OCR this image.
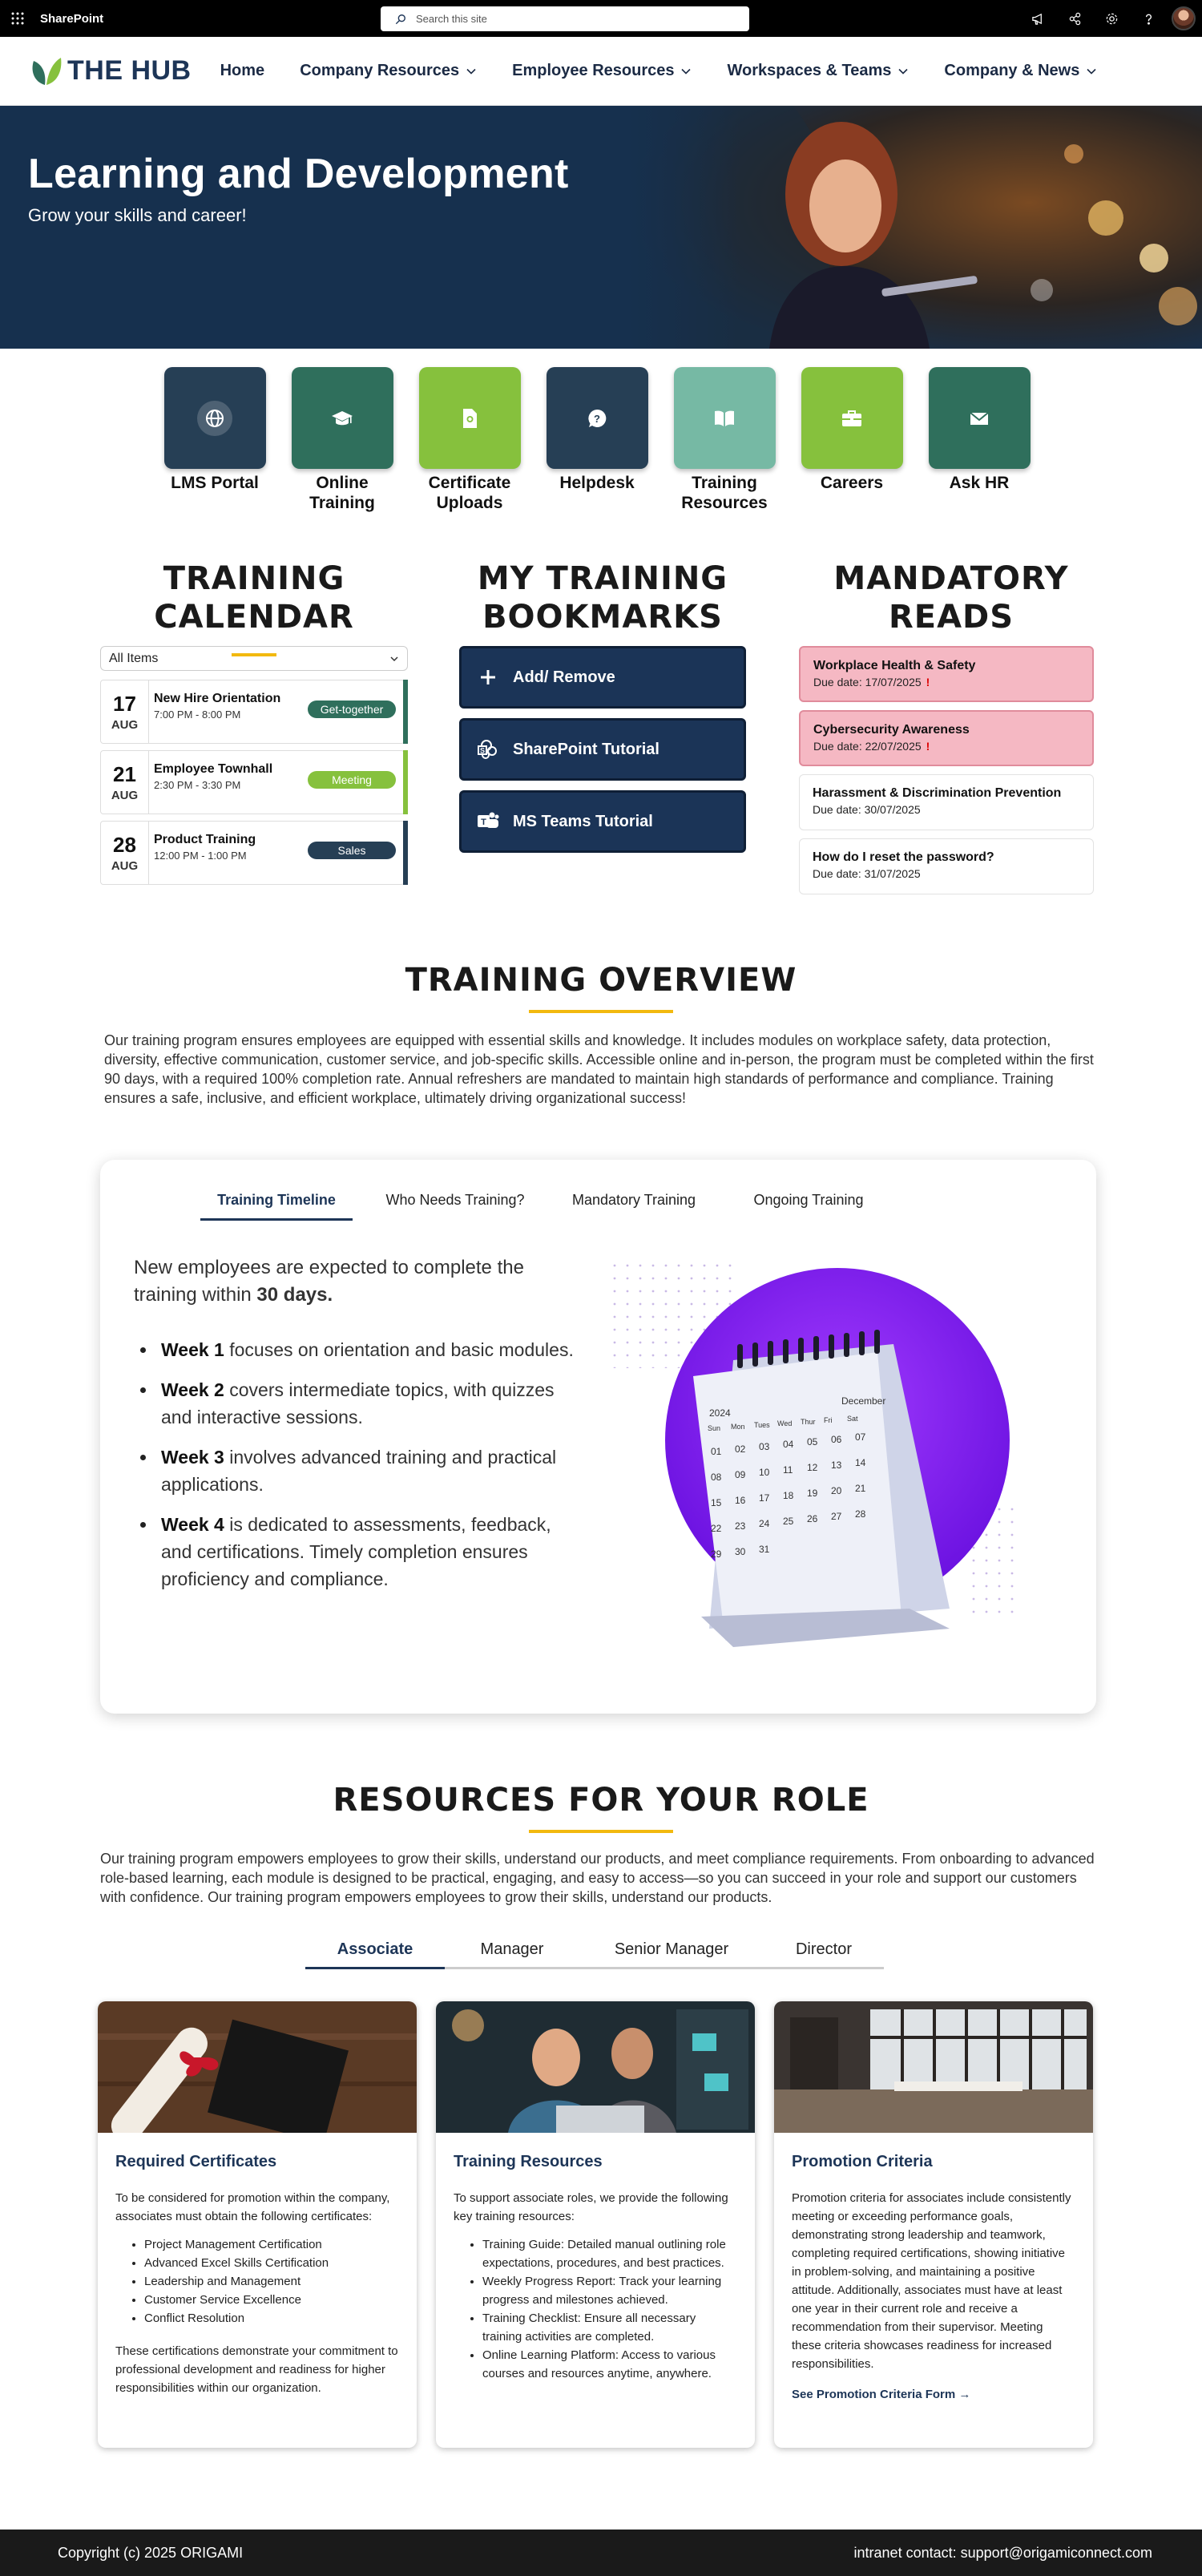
SharePoint	Search this site
THE HUB Home Company Resources	Employee Resources	Workspaces & Teams	Company & News
Learning and Development
Grow your skills and career!
LMS Portal	Online Training
Certificate Uploads
?
Helpdesk	Training Resources
Careers	Ask HR
TRAINING
CALENDAR
MY TRAINING
BOOKMARKS
MANDATORY
READS
All Items
17
AUG
New Hire Orientation
7:00 PM - 8:00 PM	Get-together
21
AUG
Employee Townhall
2:30 PM - 3:30 PM	Meeting
28
AUG
Product Training
12:00 PM - 1:00 PM	Sales
Add/ Remove
S SharePoint Tutorial
T MS Teams Tutorial
Workplace Health & Safety
Due date: 17/07/2025 !
Cybersecurity Awareness
Due date: 22/07/2025 !
Harassment & Discrimination Prevention
Due date: 30/07/2025
How do I reset the password?
Due date: 31/07/2025
TRAINING OVERVIEW

Our training program ensures employees are equipped with essential skills and knowledge. It includes modules on workplace safety, data protection, diversity, effective communication, customer service, and job-specific skills. Accessible online and in-person, the program must be completed within the first 90 days, with a required 100% completion rate. Annual refreshers are mandated to maintain high standards of performance and compliance. Training ensures a safe, inclusive, and efficient workplace, ultimately driving organizational success!

Training Timeline	Who Needs Training?	Mandatory Training	Ongoing Training

New employees are expected to complete the training within 30 days.

Week 1 focuses on orientation and basic modules.
Week 2 covers intermediate topics, with quizzes and interactive sessions.
Week 3 involves advanced training and practical applications.
Week 4 is dedicated to assessments, feedback, and certifications. Timely completion ensures proficiency and compliance.
2024
December
Sun Mon Tues Wed Thur Fri Sat
01 02 03 04 05 06 07
08 09 10 11 12 13 14
15 16 17 18 19 20 21
22 23 24 25 26 27 28
29 30 31
RESOURCES FOR YOUR ROLE

Our training program empowers employees to grow their skills, understand our products, and meet compliance requirements. From onboarding to advanced role-based learning, each module is designed to be practical, engaging, and easy to access—so you can succeed in your role and support our customers with confidence. Our training program empowers employees to grow their skills, understand our products.

Associate	Manager	Senior Manager	Director
Required Certificates

To be considered for promotion within the company, associates must obtain the following certificates:

• Project Management Certification
• Advanced Excel Skills Certification
• Leadership and Management
• Customer Service Excellence
• Conflict Resolution

These certifications demonstrate your commitment to professional development and readiness for higher responsibilities within our organization.

Training Resources

To support associate roles, we provide the following key training resources:

• Training Guide: Detailed manual outlining role expectations, procedures, and best practices.
• Weekly Progress Report: Track your learning progress and milestones achieved.
• Training Checklist: Ensure all necessary training activities are completed.
• Online Learning Platform: Access to various courses and resources anytime, anywhere.
Promotion Criteria

Promotion criteria for associates include consistently meeting or exceeding performance goals, demonstrating strong leadership and teamwork, completing required certifications, showing initiative in problem-solving, and maintaining a positive attitude. Additionally, associates must have at least one year in their current role and receive a recommendation from their supervisor. Meeting these criteria showcases readiness for increased responsibilities.

See Promotion Criteria Form →
Copyright (c) 2025 ORIGAMI	intranet contact: support@origamiconnect.com
